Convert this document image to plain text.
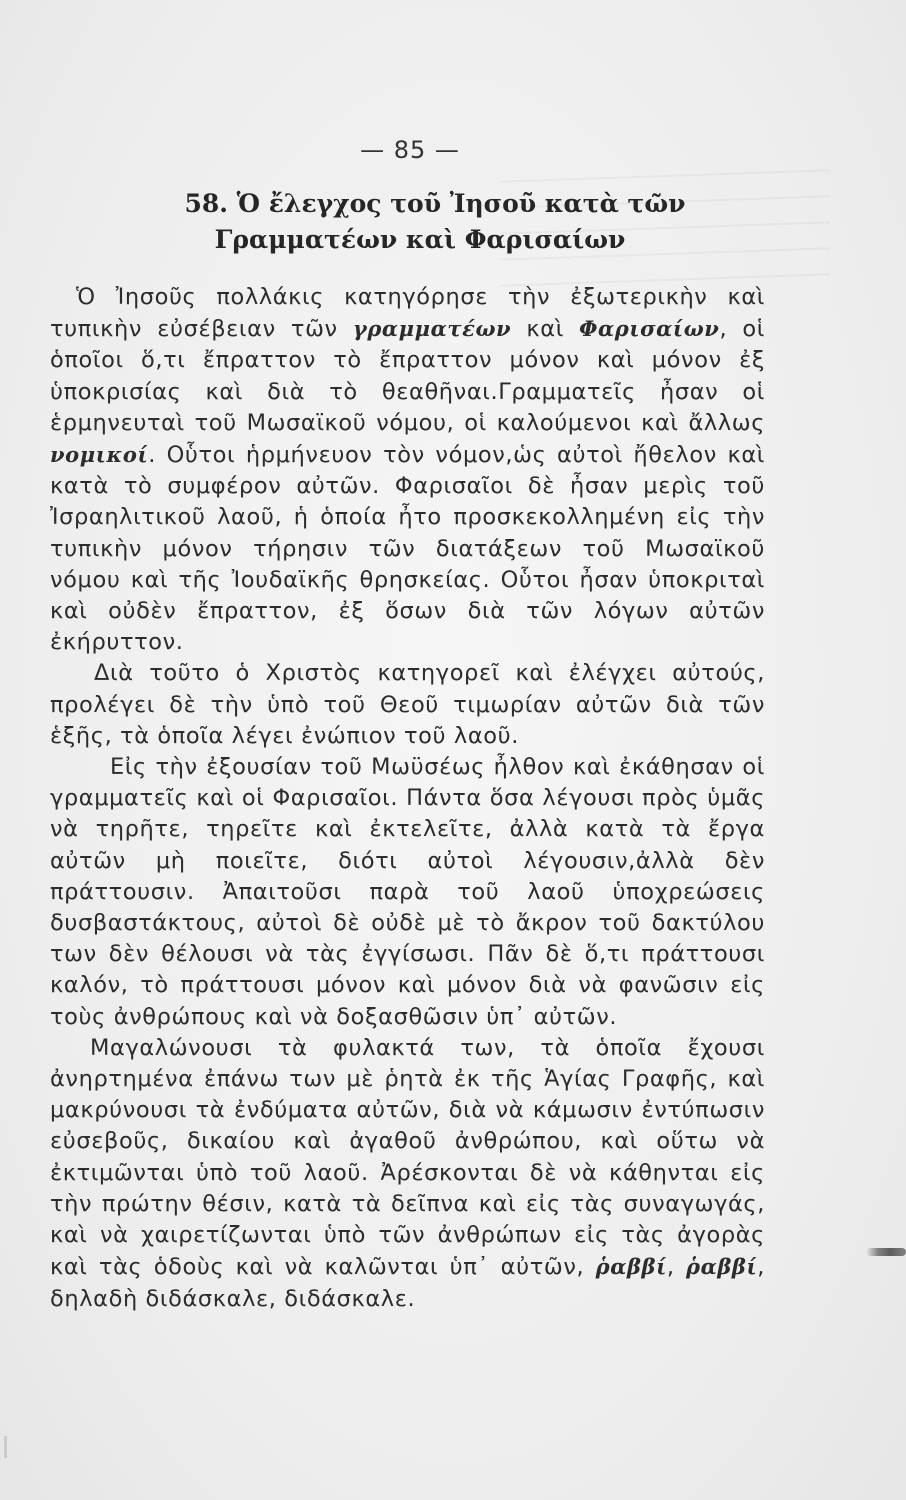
— 85 —
58. Ὁ ἔλεγχος τοῦ Ἰησοῦ κατὰ τῶν
Γραμματέων καὶ Φαρισαίων

Ὁ Ἰησοῦς πολλάκις κατηγόρησε τὴν ἐξωτερικὴν καὶ τυπικὴν εὐσέβειαν τῶν γραμματέων καὶ Φαρισαίων, οἱ ὁποῖοι ὅ,τι ἔπραττον τὸ ἔπραττον μόνον καὶ μόνον ἐξ ὑποκρισίας καὶ διὰ τὸ θεαθῆναι.Γραμματεῖς ἦσαν οἱ ἑρμηνευταὶ τοῦ Μωσαϊκοῦ νόμου, οἱ καλούμενοι καὶ ἄλλως νομικοί. Οὗτοι ἡρμήνευον τὸν νόμον,ὡς αὐτοὶ ἤθελον καὶ κατὰ τὸ συμφέρον αὐτῶν. Φαρισαῖοι δὲ ἦσαν μερὶς τοῦ Ἰσραηλιτικοῦ λαοῦ, ἡ ὁποία ἦτο προσκεκολλημένη εἰς τὴν τυπικὴν μόνον τήρησιν τῶν διατάξεων τοῦ Μωσαϊκοῦ νόμου καὶ τῆς Ἰουδαϊκῆς θρησκείας. Οὗτοι ἦσαν ὑποκριταὶ καὶ οὐδὲν ἔπραττον, ἐξ ὅσων διὰ τῶν λόγων αὐτῶν ἐκήρυττον.

Διὰ τοῦτο ὁ Χριστὸς κατηγορεῖ καὶ ἐλέγχει αὐτούς, προλέγει δὲ τὴν ὑπὸ τοῦ Θεοῦ τιμωρίαν αὐτῶν διὰ τῶν ἑξῆς, τὰ ὁποῖα λέγει ἐνώπιον τοῦ λαοῦ.

Εἰς τὴν ἐξουσίαν τοῦ Μωϋσέως ἦλθον καὶ ἐκάθησαν οἱ γραμματεῖς καὶ οἱ Φαρισαῖοι. Πάντα ὅσα λέγουσι πρὸς ὑμᾶς νὰ τηρῆτε, τηρεῖτε καὶ ἐκτελεῖτε, ἀλλὰ κατὰ τὰ ἔργα αὐτῶν μὴ ποιεῖτε, διότι αὐτοὶ λέγουσιν,ἀλλὰ δὲν πράττουσιν. Ἀπαιτοῦσι παρὰ τοῦ λαοῦ ὑποχρεώσεις δυσβαστάκτους, αὐτοὶ δὲ οὐδὲ μὲ τὸ ἄκρον τοῦ δακτύλου των δὲν θέλουσι νὰ τὰς ἐγγίσωσι. Πᾶν δὲ ὅ,τι πράττουσι καλόν, τὸ πράττουσι μόνον καὶ μόνον διὰ νὰ φανῶσιν εἰς τοὺς ἀνθρώπους καὶ νὰ δοξασθῶσιν ὑπ᾽ αὐτῶν.

Μαγαλώνουσι τὰ φυλακτά των, τὰ ὁποῖα ἔχουσι ἀνηρτημένα ἐπάνω των μὲ ῥητὰ ἐκ τῆς Ἁγίας Γραφῆς, καὶ μακρύνουσι τὰ ἐνδύματα αὐτῶν, διὰ νὰ κάμωσιν ἐντύπωσιν εὐσεβοῦς, δικαίου καὶ ἀγαθοῦ ἀνθρώπου, καὶ οὕτω νὰ ἐκτιμῶνται ὑπὸ τοῦ λαοῦ. Ἀρέσκονται δὲ νὰ κάθηνται εἰς τὴν πρώτην θέσιν, κατὰ τὰ δεῖπνα καὶ εἰς τὰς συναγωγάς, καὶ νὰ χαιρετίζωνται ὑπὸ τῶν ἀνθρώπων εἰς τὰς ἀγορὰς καὶ τὰς ὁδοὺς καὶ νὰ καλῶνται ὑπ᾽ αὐτῶν, ῥαββί, ῥαββί, δηλαδὴ διδάσκαλε, διδάσκαλε.
